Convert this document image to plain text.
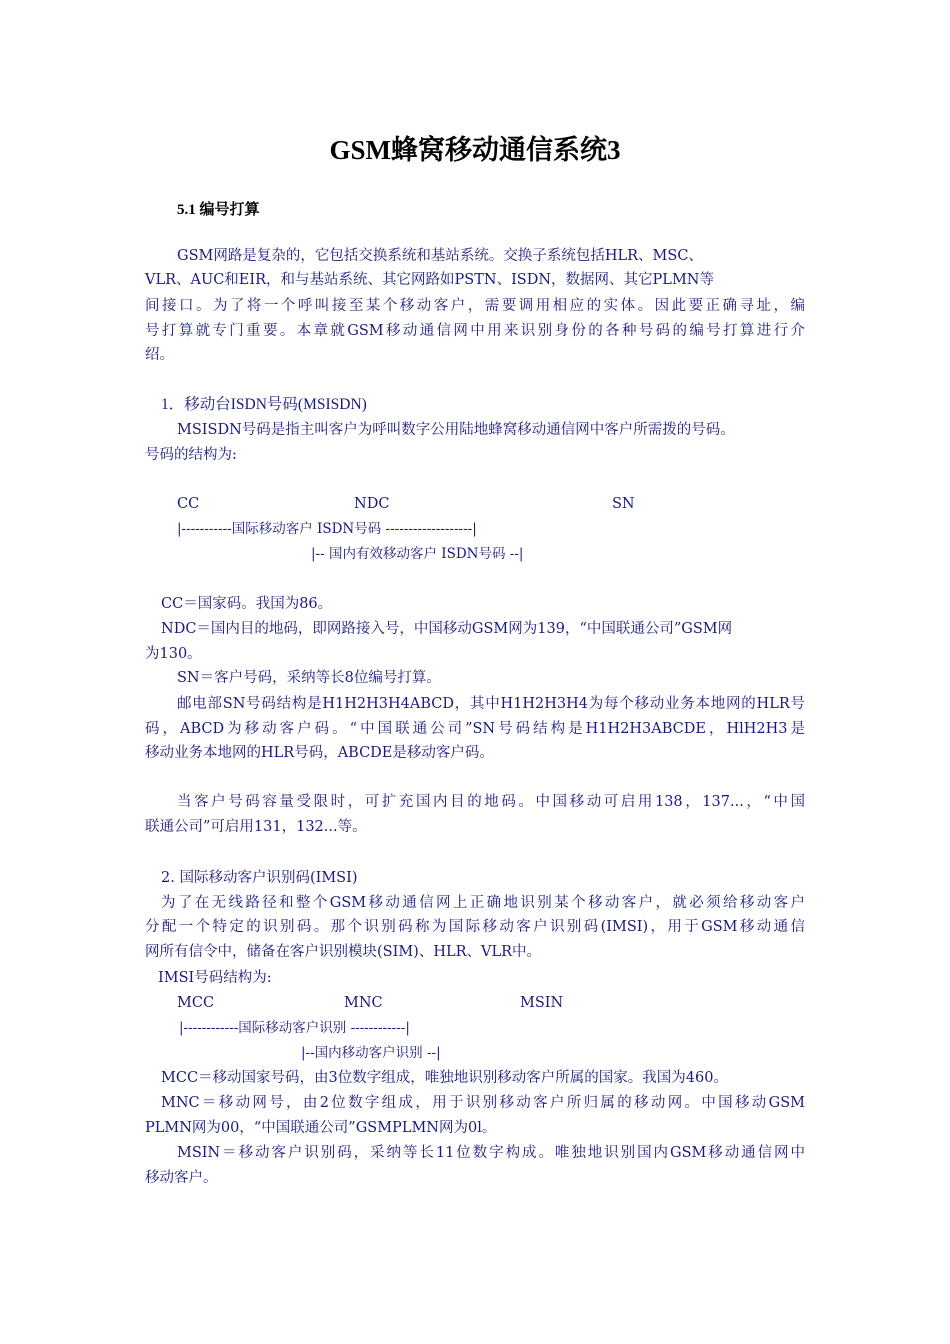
GSM蜂窝移动通信系统3
5.1 编号打算
GSM网路是复杂的，它包括交换系统和基站系统。交换子系统包括HLR、MSC、
VLR、AUC和EIR，和与基站系统、其它网路如PSTN、ISDN，数据网、其它PLMN等
间接口。为了将一个呼叫接至某个移动客户，需要调用相应的实体。因此要正确寻址，编
号打算就专门重要。本章就GSM移动通信网中用来识别身份的各种号码的编号打算进行介
绍。
1．移动台ISDN号码(MSISDN)
MSISDN号码是指主叫客户为呼叫数字公用陆地蜂窝移动通信网中客户所需拨的号码。
号码的结构为:
CC	NDC	SN
|-----------国际移动客户 ISDN号码 -------------------|
|-- 国内有效移动客户 ISDN号码 --|
CC＝国家码。我国为86。
NDC＝国内目的地码，即网路接入号，中国移动GSM网为139，“中国联通公司”GSM网
为130。
SN＝客户号码，采纳等长8位编号打算。
邮电部SN号码结构是H1H2H3H4ABCD，其中H1H2H3H4为每个移动业务本地网的HLR号
码，ABCD为移动客户码。“中国联通公司”SN号码结构是H1H2H3ABCDE，HlH2H3是
移动业务本地网的HLR号码，ABCDE是移动客户码。
当客户号码容量受限时，可扩充国内目的地码。中国移动可启用138，137...，“中国
联通公司”可启用131，132...等。
2. 国际移动客户识别码(IMSI)
为了在无线路径和整个GSM移动通信网上正确地识别某个移动客户，就必须给移动客户
分配一个特定的识别码。那个识别码称为国际移动客户识别码(IMSI)，用于GSM移动通信
网所有信令中，储备在客户识别模块(SIM)、HLR、VLR中。
IMSI号码结构为:
MCC	MNC	MSIN
|------------国际移动客户识别 ------------|
|--国内移动客户识别 --|
MCC＝移动国家号码，由3位数字组成，唯独地识别移动客户所属的国家。我国为460。
MNC＝移动网号，由2位数字组成，用于识别移动客户所归属的移动网。中国移动GSM
PLMN网为00，“中国联通公司”GSMPLMN网为0l。
MSIN＝移动客户识别码，采纳等长11位数字构成。唯独地识别国内GSM移动通信网中
移动客户。
